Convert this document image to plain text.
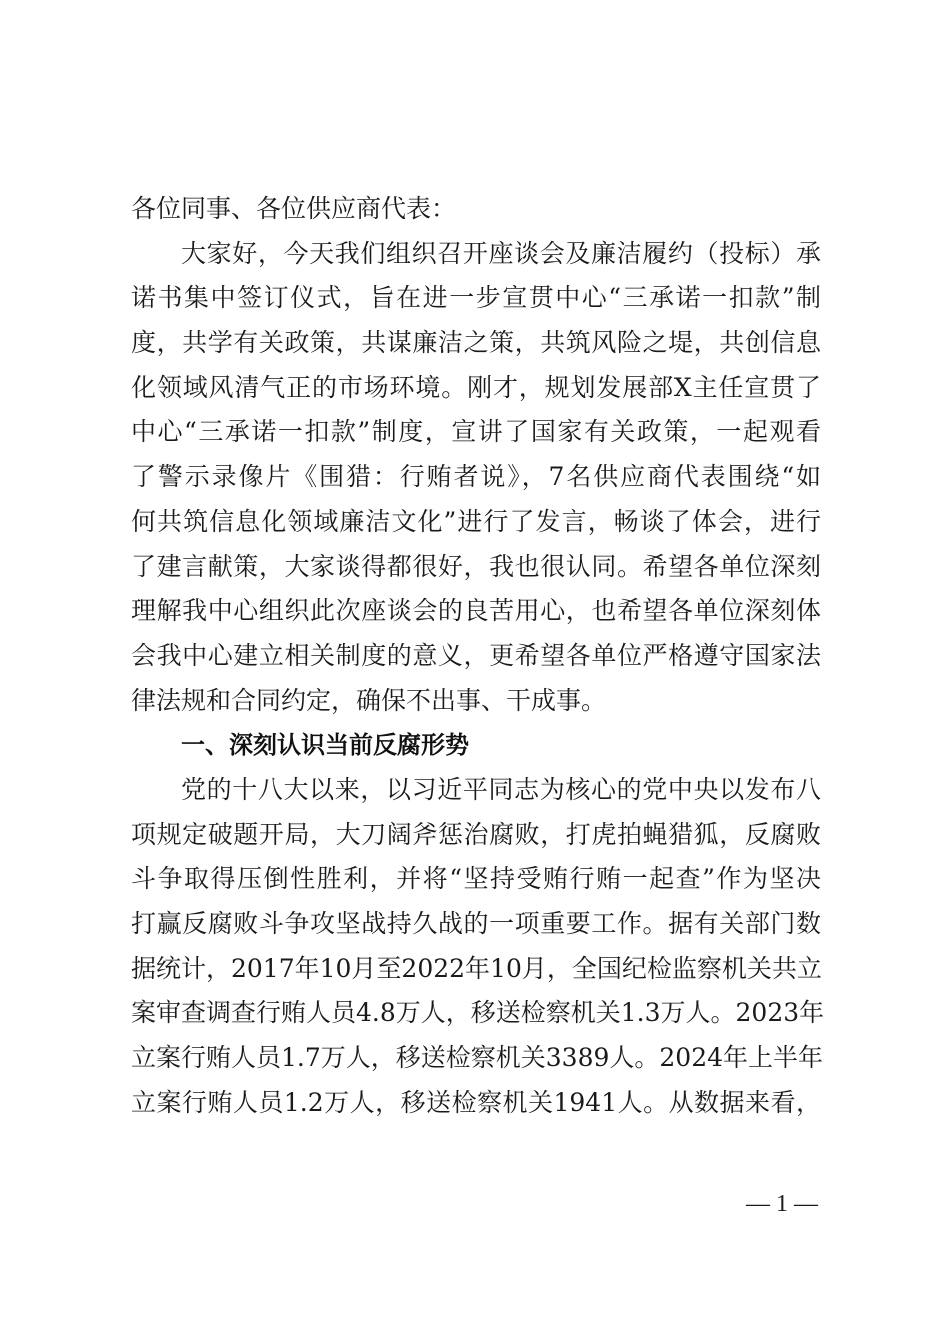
各位同事、各位供应商代表：
大家好，今天我们组织召开座谈会及廉洁履约（投标）承
诺书集中签订仪式，旨在进一步宣贯中心“三承诺一扣款”制
度，共学有关政策，共谋廉洁之策，共筑风险之堤，共创信息
化领域风清气正的市场环境。刚才，规划发展部X主任宣贯了
中心“三承诺一扣款”制度，宣讲了国家有关政策，一起观看
了警示录像片《围猎：行贿者说》，7名供应商代表围绕“如
何共筑信息化领域廉洁文化”进行了发言，畅谈了体会，进行
了建言献策，大家谈得都很好，我也很认同。希望各单位深刻
理解我中心组织此次座谈会的良苦用心，也希望各单位深刻体
会我中心建立相关制度的意义，更希望各单位严格遵守国家法
律法规和合同约定，确保不出事、干成事。
一、深刻认识当前反腐形势
党的十八大以来，以习近平同志为核心的党中央以发布八
项规定破题开局，大刀阔斧惩治腐败，打虎拍蝇猎狐，反腐败
斗争取得压倒性胜利，并将“坚持受贿行贿一起查”作为坚决
打赢反腐败斗争攻坚战持久战的一项重要工作。据有关部门数
据统计，2017年10月至2022年10月，全国纪检监察机关共立
案审查调查行贿人员4.8万人，移送检察机关1.3万人。2023年
立案行贿人员1.7万人，移送检察机关3389人。2024年上半年
立案行贿人员1.2万人，移送检察机关1941人。从数据来看，
— 1 —
